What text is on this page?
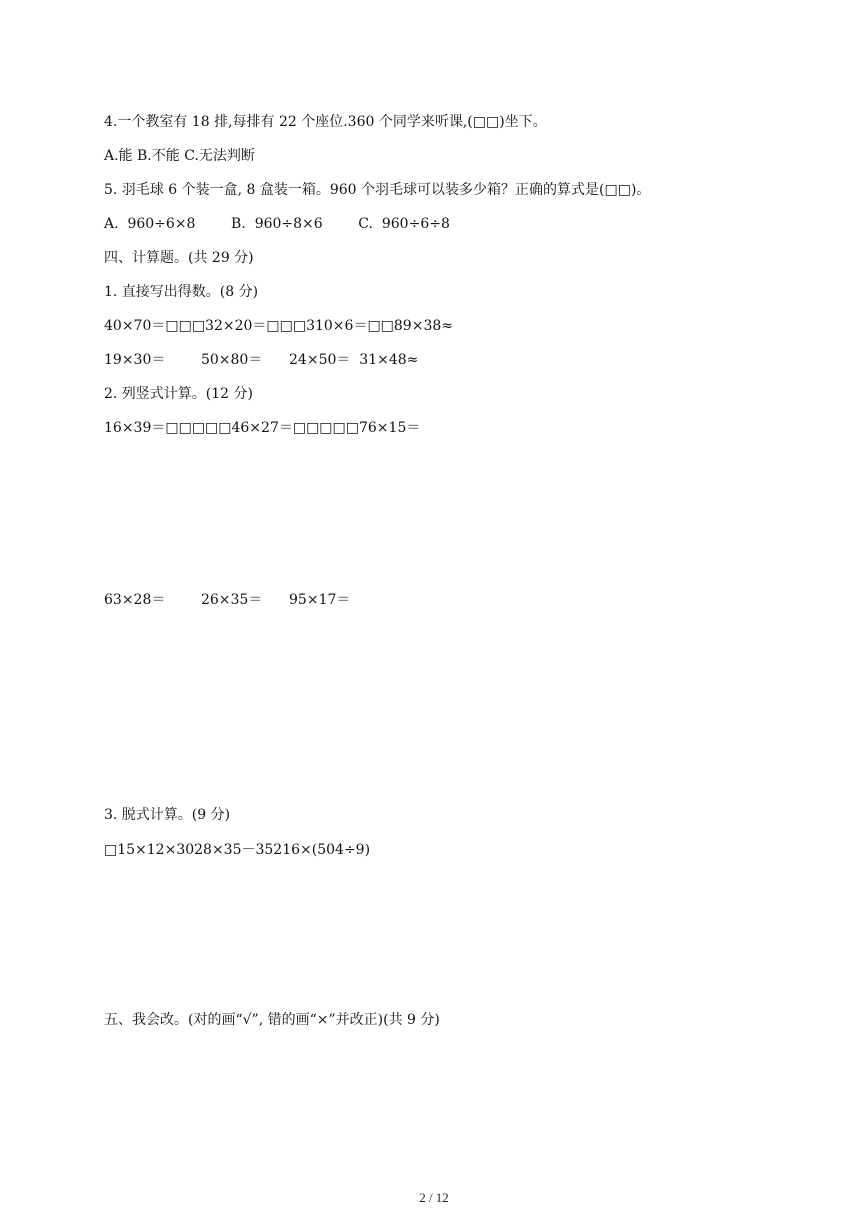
4.一个教室有 18 排,每排有 22 个座位.360 个同学来听课,(□□)坐下。
A.能 B.不能 C.无法判断
5. 羽毛球 6 个装一盒, 8 盒装一箱。960 个羽毛球可以装多少箱？正确的算式是(□□)。
A.  960÷6×8        B.  960÷8×6        C.  960÷6÷8
四、计算题。(共 29 分)
1. 直接写出得数。(8 分)
40×70＝□□□32×20＝□□□310×6＝□□89×38≈
19×30＝        50×80＝      24×50＝  31×48≈
2. 列竖式计算。(12 分)
16×39＝□□□□□46×27＝□□□□□76×15＝
63×28＝        26×35＝      95×17＝
3. 脱式计算。(9 分)
□15×12×3028×35－35216×(504÷9)
五、我会改。(对的画“√”, 错的画“×”并改正)(共 9 分)
2 / 12
